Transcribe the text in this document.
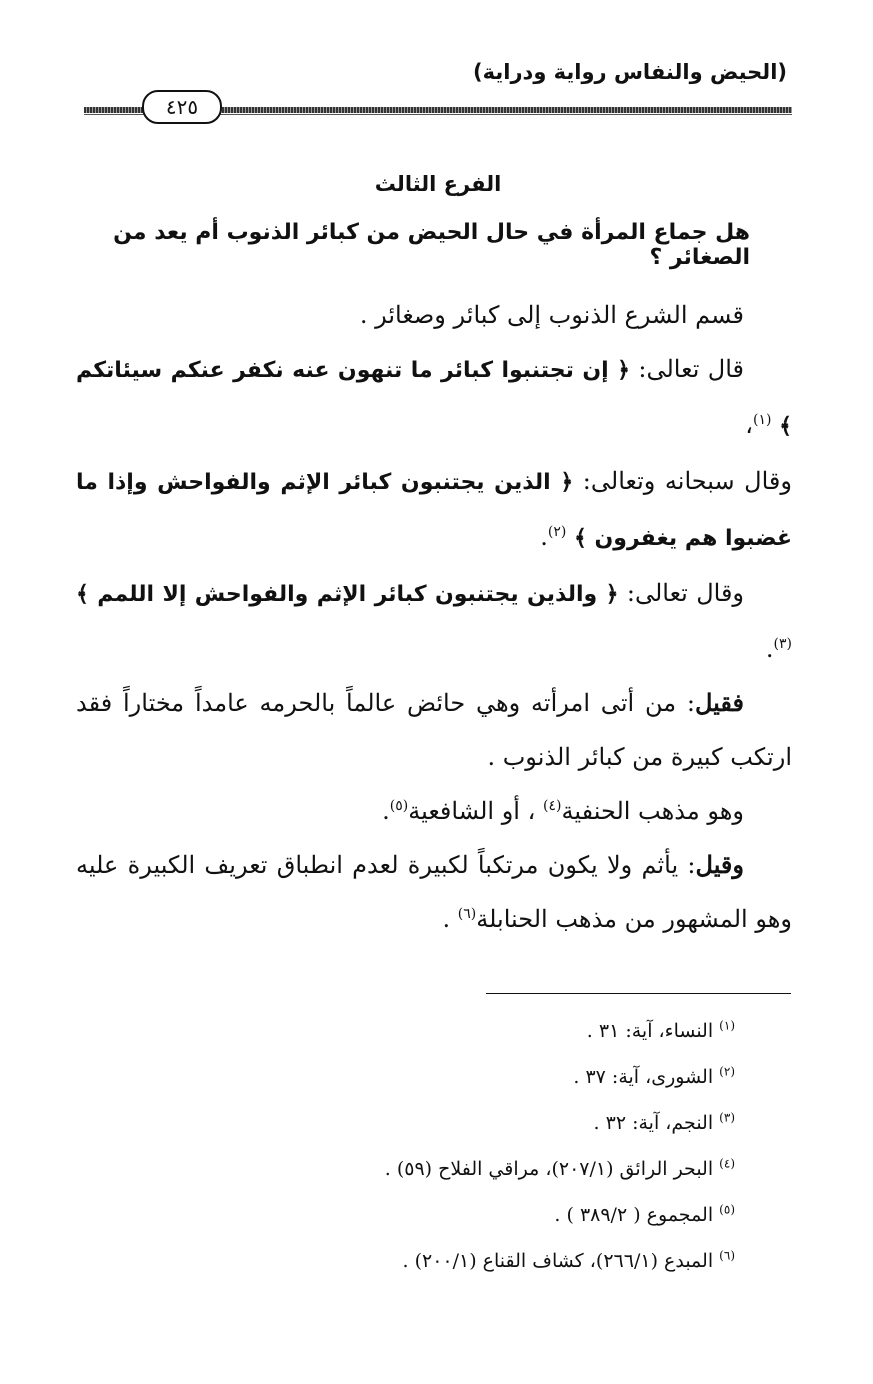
(الحيض والنفاس رواية ودراية)
٤٢٥
الفرع الثالث
هل جماع المرأة في حال الحيض من كبائر الذنوب أم يعد من الصغائر ؟

قسم الشرع الذنوب إلى كبائر وصغائر .

قال تعالى: ﴿ إن تجتنبوا كبائر ما تنهون عنه نكفر عنكم سيئاتكم ﴾ $^{(١)}$،

وقال سبحانه وتعالى: ﴿ الذين يجتنبون كبائر الإثم والفواحش وإذا ما غضبوا هم يغفرون ﴾ $^{(٢)}$.

وقال تعالى: ﴿ والذين يجتنبون كبائر الإثم والفواحش إلا اللمم ﴾ $^{(٣)}$.

فقيل: من أتى امرأته وهي حائض عالماً بالحرمه عامداً مختاراً فقد ارتكب كبيرة من كبائر الذنوب .

وهو مذهب الحنفية$^{(٤)}$ ، أو الشافعية$^{(٥)}$.

وقيل: يأثم ولا يكون مرتكباً لكبيرة لعدم انطباق تعريف الكبيرة عليه وهو المشهور من مذهب الحنابلة$^{(٦)}$ .

$^{(١)}$ النساء، آية: ٣١ .
$^{(٢)}$ الشورى، آية: ٣٧ .
$^{(٣)}$ النجم، آية: ٣٢ .
$^{(٤)}$ البحر الرائق (٢٠٧/١)، مراقي الفلاح (٥٩) .
$^{(٥)}$ المجموع ( ٣٨٩/٢ ) .
$^{(٦)}$ المبدع (٢٦٦/١)، كشاف القناع (٢٠٠/١) .
